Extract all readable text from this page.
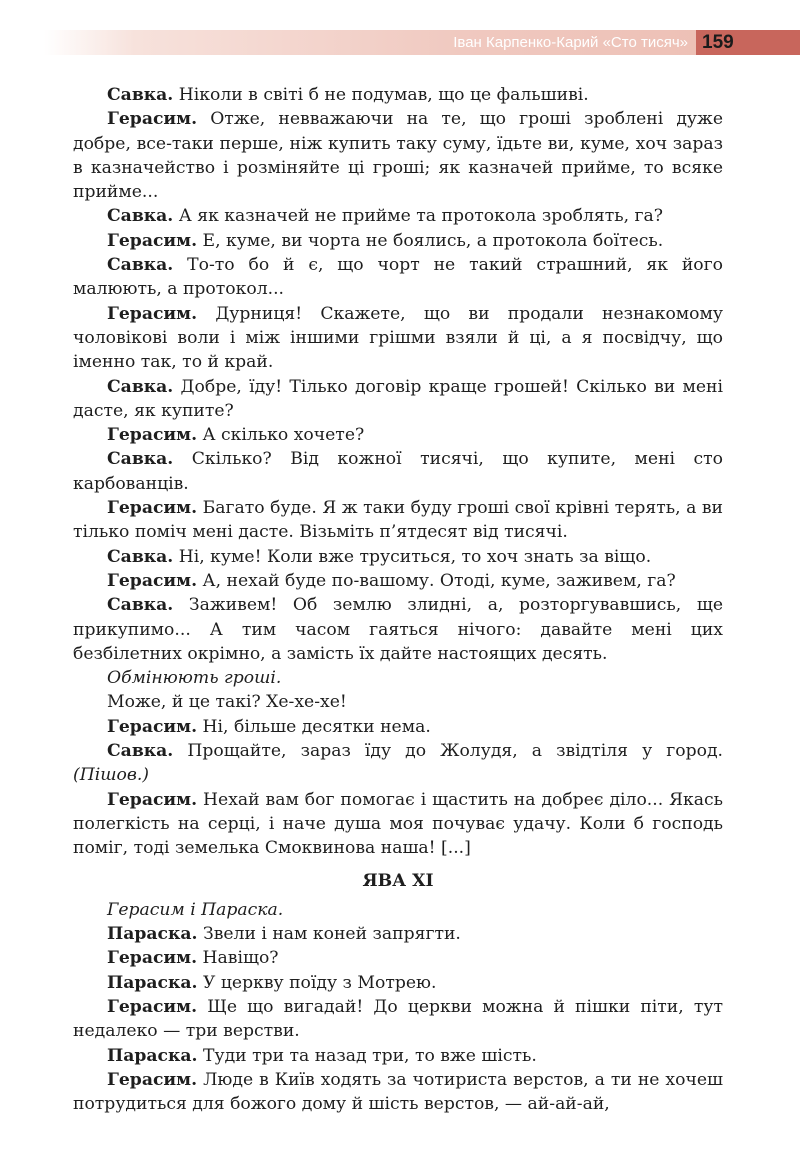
Іван Карпенко-Карий «Сто тисяч» 159

Савка. Ніколи в світі б не подумав, що це фальшиві.

Герасим. Отже, невважаючи на те, що гроші зроблені дуже добре, все-таки перше, ніж купить таку суму, їдьте ви, куме, хоч зараз в казначейство і розміняйте ці гроші; як казначей прийме, то всяке прийме...

Савка. А як казначей не прийме та протокола зроблять, га?

Герасим. Е, куме, ви чорта не боялись, а протокола боїтесь.

Савка. То-то бо й є, що чорт не такий страшний, як його малюють, а протокол...

Герасим. Дурниця! Скажете, що ви продали незнакомому чоловікові воли і між іншими грішми взяли й ці, а я посвідчу, що іменно так, то й край.

Савка. Добре, їду! Тілько договір краще грошей! Скілько ви мені дасте, як купите?

Герасим. А скілько хочете?

Савка. Скілько? Від кожної тисячі, що купите, мені сто карбованців.

Герасим. Багато буде. Я ж таки буду гроші свої крівні терять, а ви тілько поміч мені дасте. Візьміть п’ятдесят від тисячі.

Савка. Ні, куме! Коли вже труситься, то хоч знать за віщо.

Герасим. А, нехай буде по-вашому. Отоді, куме, заживем, га?

Савка. Заживем! Об землю злидні, а, розторгувавшись, ще прикупимо... А тим часом гаяться нічого: давайте мені цих безбілетних окрімно, а замість їх дайте настоящих десять.

Обмінюють гроші.

Може, й це такі? Хе-хе-хе!

Герасим. Ні, більше десятки нема.

Савка. Прощайте, зараз їду до Жолудя, а звідтіля у город. (Пішов.)

Герасим. Нехай вам бог помогає і щастить на добреє діло... Якась полегкість на серці, і наче душа моя почуває удачу. Коли б господь поміг, тоді земелька Смоквинова наша! [...]

ЯВА XI

Герасим і Параска.

Параска. Звели і нам коней запрягти.

Герасим. Навіщо?

Параска. У церкву поїду з Мотрею.

Герасим. Ще що вигадай! До церкви можна й пішки піти, тут недалеко — три верстви.

Параска. Туди три та назад три, то вже шість.

Герасим. Люде в Київ ходять за чотириста верстов, а ти не хочеш потрудиться для божого дому й шість верстов, — ай-ай-ай,
